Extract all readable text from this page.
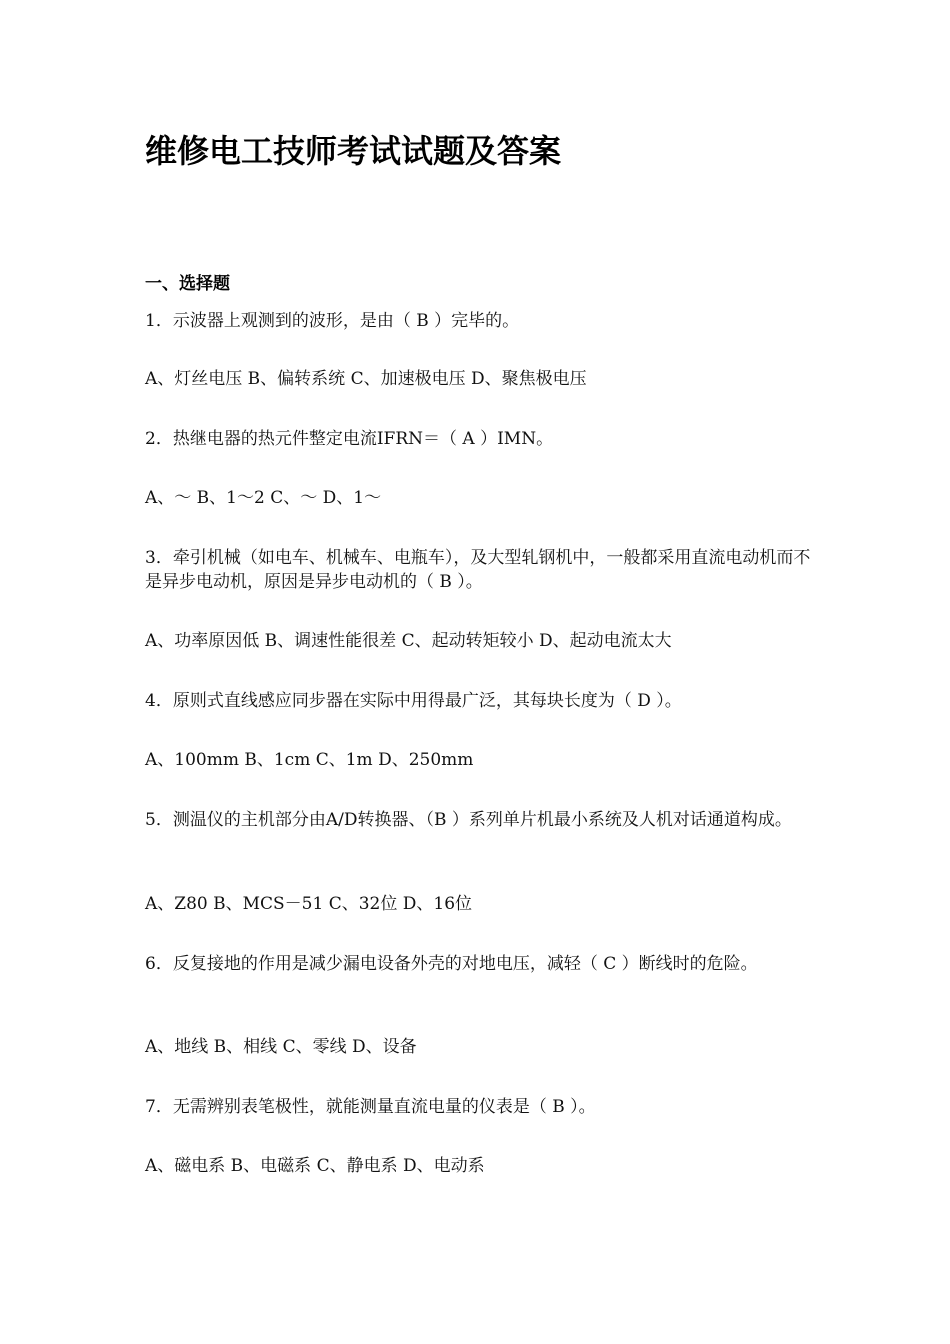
维修电工技师考试试题及答案
一、选择题
1．示波器上观测到的波形，是由（ B ）完毕的。
A、灯丝电压 B、偏转系统 C、加速极电压 D、聚焦极电压
2．热继电器的热元件整定电流IFRN＝（ A ）IMN。
A、～ B、1～2 C、～ D、1～
3．牵引机械（如电车、机械车、电瓶车），及大型轧钢机中，一般都采用直流电动机而不是异步电动机，原因是异步电动机的（ B ）。
A、功率原因低 B、调速性能很差 C、起动转矩较小 D、起动电流太大
4．原则式直线感应同步器在实际中用得最广泛，其每块长度为（ D ）。
A、100mm B、1cm C、1m D、250mm
5．测温仪的主机部分由A/D转换器、（B ）系列单片机最小系统及人机对话通道构成。
A、Z80 B、MCS－51 C、32位 D、16位
6．反复接地的作用是减少漏电设备外壳的对地电压，减轻（ C ）断线时的危险。
A、地线 B、相线 C、零线 D、设备
7．无需辨别表笔极性，就能测量直流电量的仪表是（ B ）。
A、磁电系 B、电磁系 C、静电系 D、电动系
